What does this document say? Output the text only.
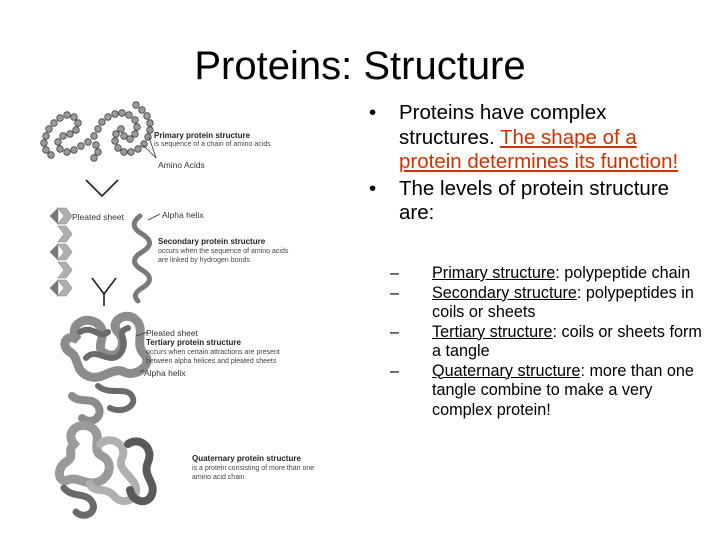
Proteins: Structure
Primary protein structure
is sequence of a chain of amino acids
Amino Acids
Pleated sheet	Alpha helix
Secondary protein structure
occurs when the sequence of amino acids
are linked by hydrogen bonds
Pleated sheet
Tertiary protein structure
occurs when certain attractions are present
between alpha helices and pleated sheets
Alpha helix
Quaternary protein structure
is a protein consisting of more than one
amino acid chain
• Proteins have complex structures. The shape of a protein determines its function!
• The levels of protein structure are:
– Primary structure: polypeptide chain
– Secondary structure: polypeptides in coils or sheets
– Tertiary structure: coils or sheets form a tangle
– Quaternary structure: more than one tangle combine to make a very complex protein!
